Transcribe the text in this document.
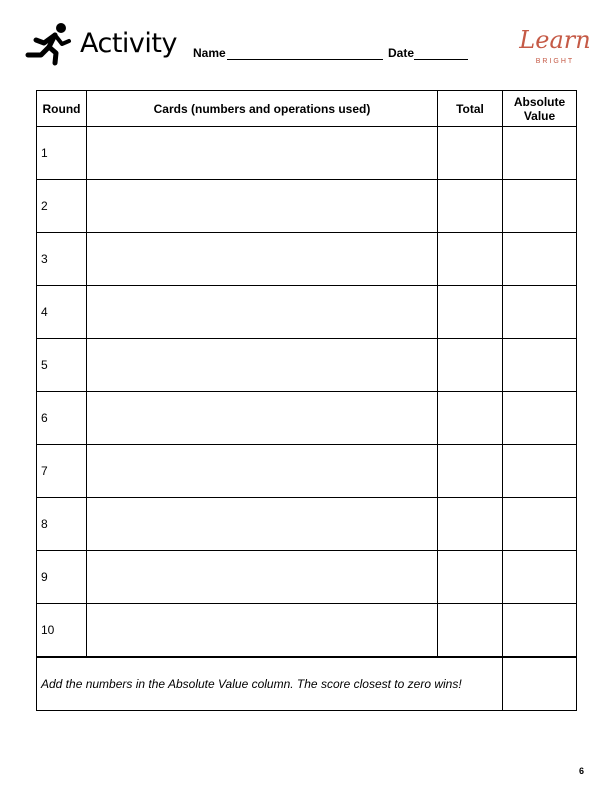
Activity Name	Date	Learn
BRIGHT
Round	Cards (numbers and operations used)	Total	Absolute Value
1			
2			
3			
4			
5			
6			
7			
8			
9			
10			
Add the numbers in the Absolute Value column. The score closest to zero wins!			
6
